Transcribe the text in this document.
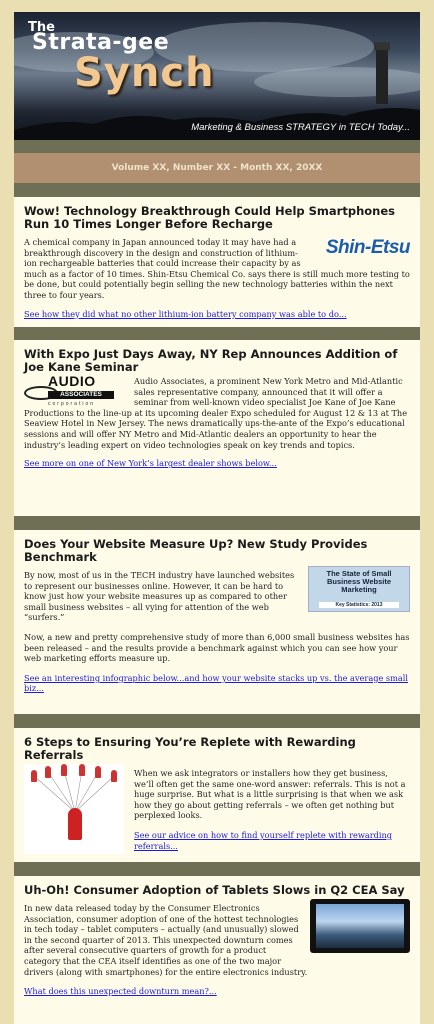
The
Strata-gee
Synch
Marketing & Business STRATEGY in TECH Today...
Volume XX, Number XX - Month XX, 20XX
Wow! Technology Breakthrough Could Help Smartphones Run 10 Times Longer Before Recharge
Shin-Etsu

A chemical company in Japan announced today it may have had a breakthrough discovery in the design and construction of lithium-ion rechargeable batteries that could increase their capacity by as much as a factor of 10 times. Shin-Etsu Chemical Co. says there is still much more testing to be done, but could potentially begin selling the new technology batteries within the next three to four years.

See how they did what no other lithium-ion battery company was able to do...

With Expo Just Days Away, NY Rep Announces Addition of Joe Kane Seminar

AUDIO
ASSOCIATES
corporation
Audio Associates, a prominent New York Metro and Mid-Atlantic sales representative company, announced that it will offer a seminar from well-known video specialist Joe Kane of Joe Kane Productions to the line-up at its upcoming dealer Expo scheduled for August 12 & 13 at The Seaview Hotel in New Jersey. The news dramatically ups-the-ante of the Expo’s educational sessions and will offer NY Metro and Mid-Atlantic dealers an opportunity to hear the industry’s leading expert on video technologies speak on key trends and topics.

See more on one of New York’s largest dealer shows below...

Does Your Website Measure Up? New Study Provides Benchmark
The State of Small Business Website Marketing
Key Statistics: 2013

By now, most of us in the TECH industry have launched websites to represent our businesses online. However, it can be hard to know just how your website measures up as compared to other small business websites – all vying for attention of the web “surfers.”

Now, a new and pretty comprehensive study of more than 6,000 small business websites has been released – and the results provide a benchmark against which you can see how your web marketing efforts measure up.

See an interesting infographic below...and how your website stacks up vs. the average small biz...

6 Steps to Ensuring You’re Replete with Rewarding Referrals

When we ask integrators or installers how they get business, we’ll often get the same one-word answer: referrals. This is not a huge surprise. But what is a little surprising is that when we ask how they go about getting referrals – we often get nothing but perplexed looks.

See our advice on how to find yourself replete with rewarding referrals...

Uh-Oh! Consumer Adoption of Tablets Slows in Q2 CEA Say

In new data released today by the Consumer Electronics Association, consumer adoption of one of the hottest technologies in tech today – tablet computers – actually (and unusually) slowed in the second quarter of 2013. This unexpected downturn comes after several consecutive quarters of growth for a product category that the CEA itself identifies as one of the two major drivers (along with smartphones) for the entire electronics industry.

What does this unexpected downturn mean?...
